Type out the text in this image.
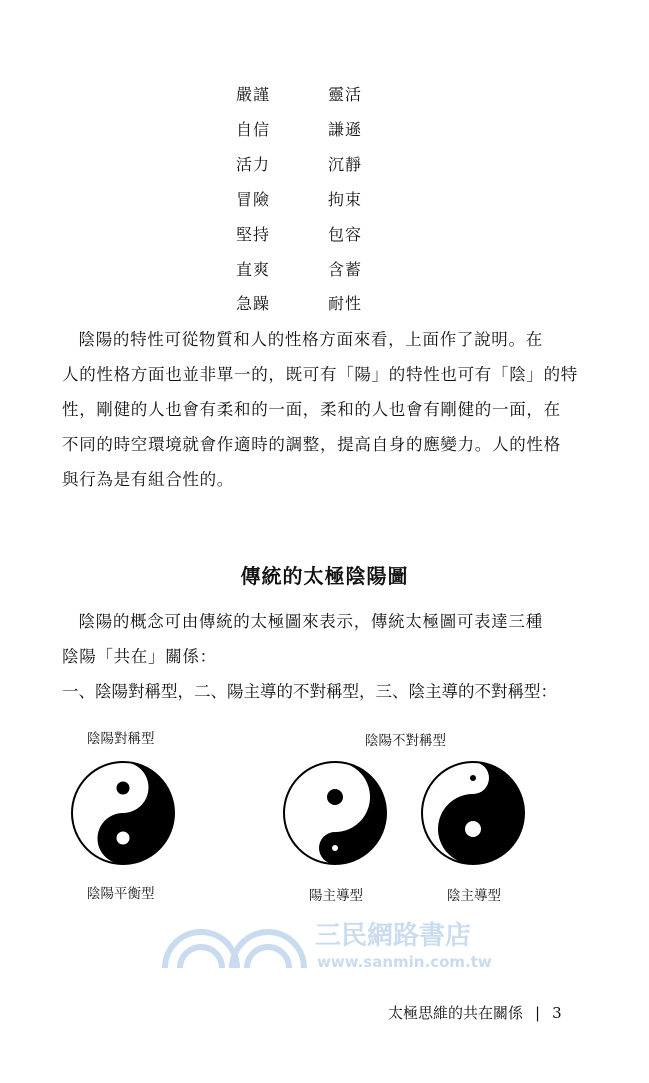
嚴謹	靈活
自信	謙遜
活力	沉靜
冒險	拘束
堅持	包容
直爽	含蓄
急躁	耐性

陰陽的特性可從物質和人的性格方面來看，上面作了說明。在

人的性格方面也並非單一的，既可有「陽」的特性也可有「陰」的特

性，剛健的人也會有柔和的一面，柔和的人也會有剛健的一面，在

不同的時空環境就會作適時的調整，提高自身的應變力。人的性格

與行為是有組合性的。

傳統的太極陰陽圖

陰陽的概念可由傳統的太極圖來表示，傳統太極圖可表達三種

陰陽「共在」關係：

一、陰陽對稱型，二、陽主導的不對稱型，三、陰主導的不對稱型：

陰陽對稱型	陰陽不對稱型
陰陽平衡型	陽主導型	陰主導型
三民網路書店
www.sanmin.com.tw
太極思維的共在關係 | 3
